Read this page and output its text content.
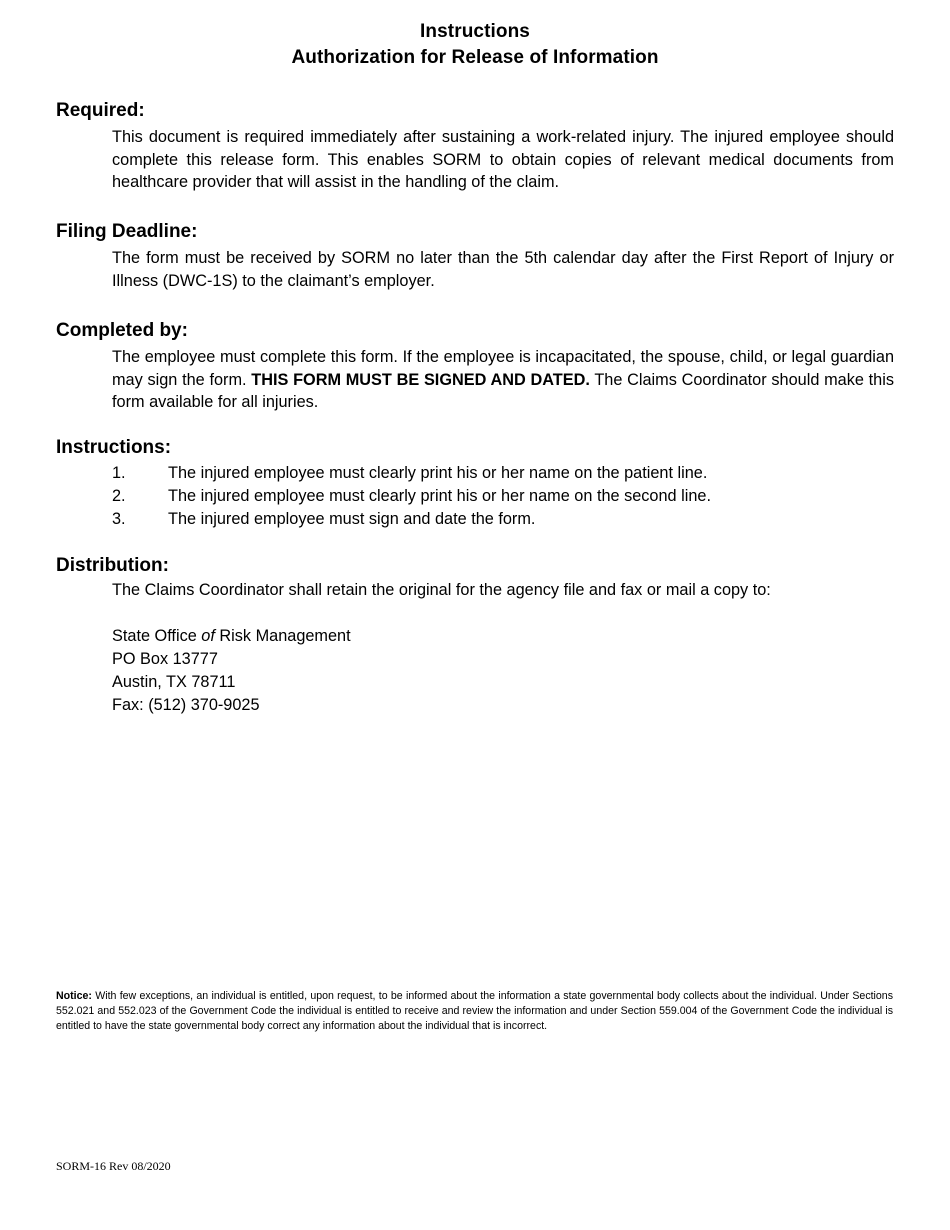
Instructions
Authorization for Release of Information
Required:
This document is required immediately after sustaining a work-related injury. The injured employee should complete this release form. This enables SORM to obtain copies of relevant medical documents from healthcare provider that will assist in the handling of the claim.
Filing Deadline:
The form must be received by SORM no later than the 5th calendar day after the First Report of Injury or Illness (DWC-1S) to the claimant’s employer.
Completed by:
The employee must complete this form. If the employee is incapacitated, the spouse, child, or legal guardian may sign the form. THIS FORM MUST BE SIGNED AND DATED. The Claims Coordinator should make this form available for all injuries.
Instructions:
1.	The injured employee must clearly print his or her name on the patient line.
2.	The injured employee must clearly print his or her name on the second line.
3.	The injured employee must sign and date the form.
Distribution:
The Claims Coordinator shall retain the original for the agency file and fax or mail a copy to:
State Office of Risk Management
PO Box 13777
Austin, TX 78711
Fax: (512) 370-9025
Notice: With few exceptions, an individual is entitled, upon request, to be informed about the information a state governmental body collects about the individual. Under Sections 552.021 and 552.023 of the Government Code the individual is entitled to receive and review the information and under Section 559.004 of the Government Code the individual is entitled to have the state governmental body correct any information about the individual that is incorrect.
SORM-16 Rev 08/2020
